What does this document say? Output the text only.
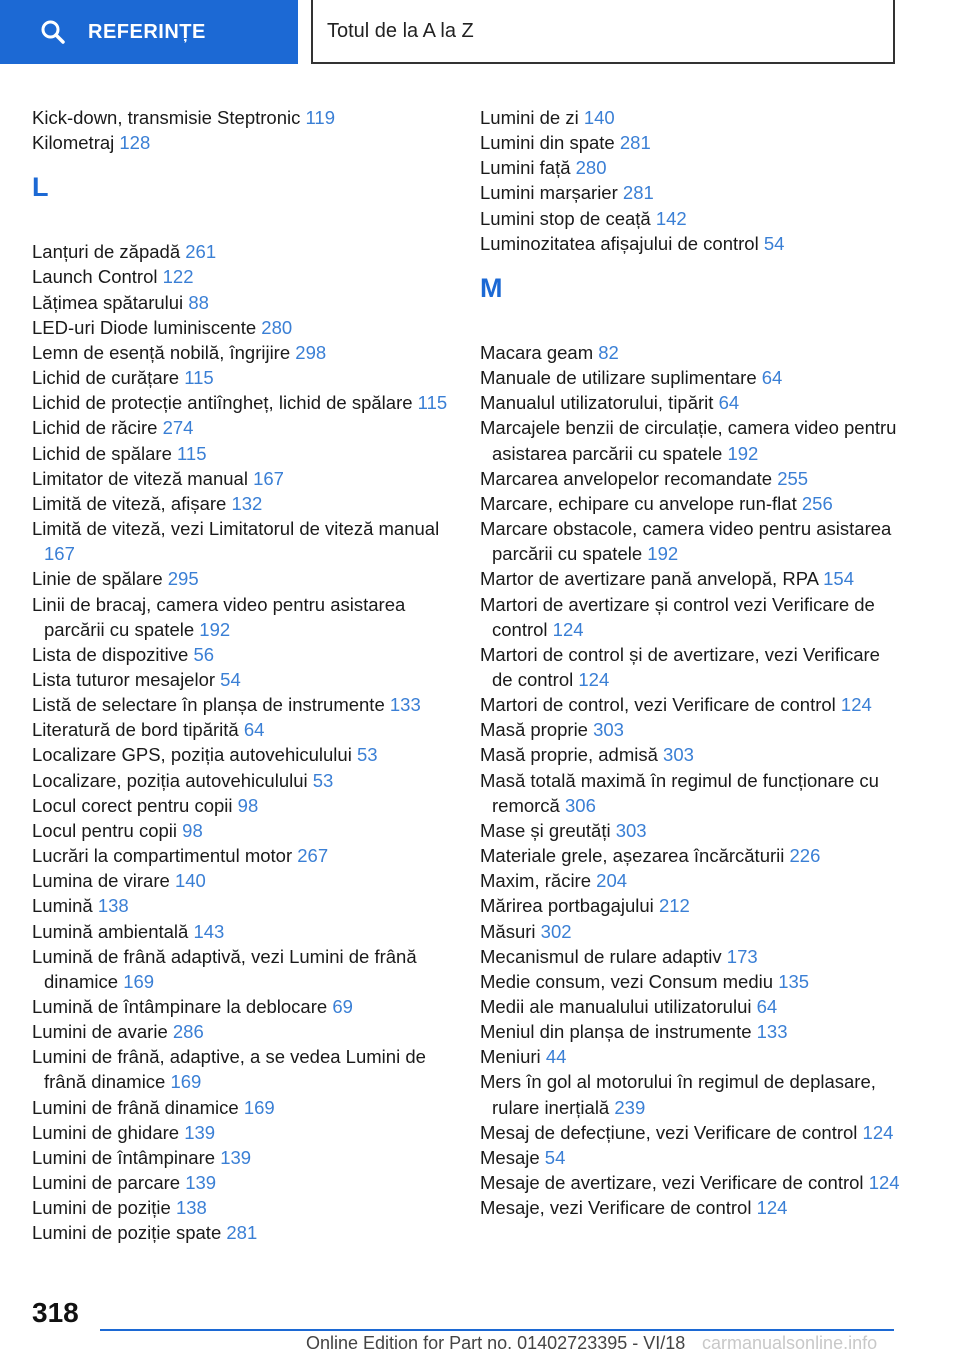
REFERINȚE	Totul de la A la Z
Kick-down, transmisie Steptronic 119
Kilometraj 128
L
Lanțuri de zăpadă 261
Launch Control 122
Lățimea spătarului 88
LED-uri Diode luminiscente 280
Lemn de esență nobilă, îngrijire 298
Lichid de curățare 115
Lichid de protecție antiîngheț, lichid de spălare 115
Lichid de răcire 274
Lichid de spălare 115
Limitator de viteză manual 167
Limită de viteză, afișare 132
Limită de viteză, vezi Limitatorul de viteză manual 167
Linie de spălare 295
Linii de bracaj, camera video pentru asistarea parcării cu spatele 192
Lista de dispozitive 56
Lista tuturor mesajelor 54
Listă de selectare în planșa de instrumente 133
Literatură de bord tipărită 64
Localizare GPS, poziția autovehiculului 53
Localizare, poziția autovehiculului 53
Locul corect pentru copii 98
Locul pentru copii 98
Lucrări la compartimentul motor 267
Lumina de virare 140
Lumină 138
Lumină ambientală 143
Lumină de frână adaptivă, vezi Lumini de frână dinamice 169
Lumină de întâmpinare la deblocare 69
Lumini de avarie 286
Lumini de frână, adaptive, a se vedea Lumini de frână dinamice 169
Lumini de frână dinamice 169
Lumini de ghidare 139
Lumini de întâmpinare 139
Lumini de parcare 139
Lumini de poziție 138
Lumini de poziție spate 281
Lumini de zi 140
Lumini din spate 281
Lumini față 280
Lumini marșarier 281
Lumini stop de ceață 142
Luminozitatea afișajului de control 54
M
Macara geam 82
Manuale de utilizare suplimentare 64
Manualul utilizatorului, tipărit 64
Marcajele benzii de circulație, camera video pentru asistarea parcării cu spatele 192
Marcarea anvelopelor recomandate 255
Marcare, echipare cu anvelope run-flat 256
Marcare obstacole, camera video pentru asistarea parcării cu spatele 192
Martor de avertizare pană anvelopă, RPA 154
Martori de avertizare și control vezi Verificare de control 124
Martori de control și de avertizare, vezi Verificare de control 124
Martori de control, vezi Verificare de control 124
Masă proprie 303
Masă proprie, admisă 303
Masă totală maximă în regimul de funcționare cu remorcă 306
Mase și greutăți 303
Materiale grele, așezarea încărcăturii 226
Maxim, răcire 204
Mărirea portbagajului 212
Măsuri 302
Mecanismul de rulare adaptiv 173
Medie consum, vezi Consum mediu 135
Medii ale manualului utilizatorului 64
Meniul din planșa de instrumente 133
Meniuri 44
Mers în gol al motorului în regimul de deplasare, rulare inerțială 239
Mesaj de defecțiune, vezi Verificare de control 124
Mesaje 54
Mesaje de avertizare, vezi Verificare de control 124
Mesaje, vezi Verificare de control 124
318
Online Edition for Part no. 01402723395 - VI/18 carmanualsonline.info
